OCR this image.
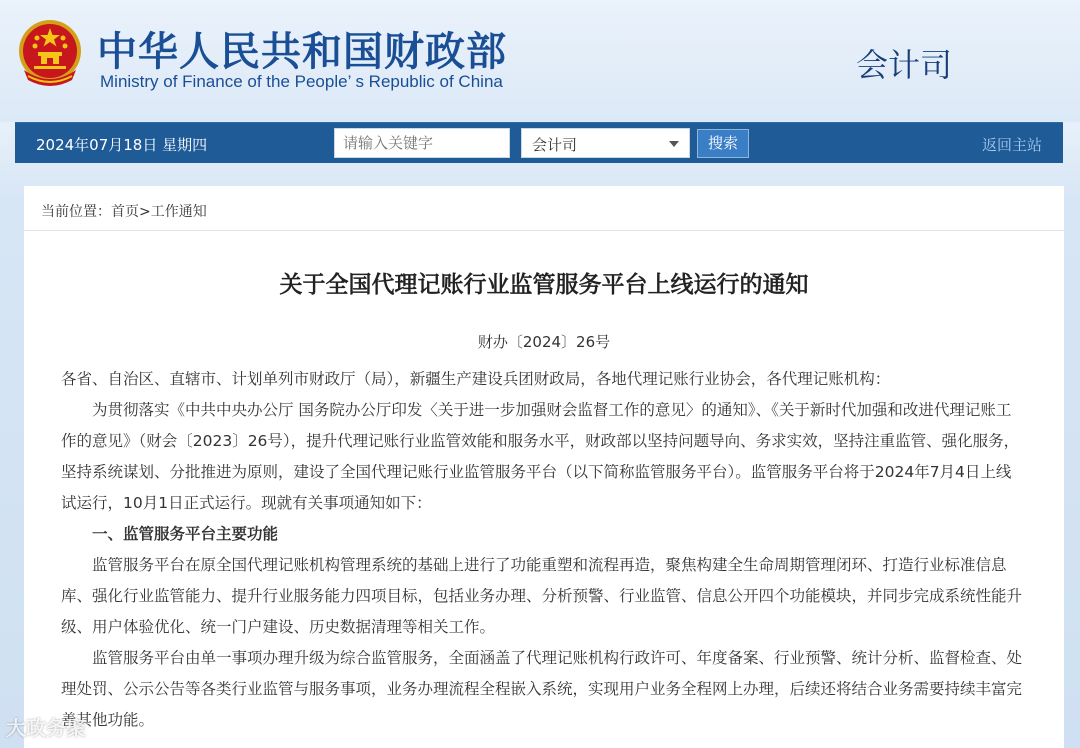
中华人民共和国财政部
Ministry of Finance of the People’ s Republic of China	会计司
2024年07月18日 星期四
请输入关键字	会计司	搜索	返回主站
当前位置：首页>工作通知
关于全国代理记账行业监管服务平台上线运行的通知
财办〔2024〕26号

各省、自治区、直辖市、计划单列市财政厅（局），新疆生产建设兵团财政局，各地代理记账行业协会，各代理记账机构：

为贯彻落实《中共中央办公厅 国务院办公厅印发〈关于进一步加强财会监督工作的意见〉的通知》、《关于新时代加强和改进代理记账工作的意见》（财会〔2023〕26号），提升代理记账行业监管效能和服务水平，财政部以坚持问题导向、务求实效，坚持注重监管、强化服务，坚持系统谋划、分批推进为原则，建设了全国代理记账行业监管服务平台（以下简称监管服务平台）。监管服务平台将于2024年7月4日上线试运行，10月1日正式运行。现就有关事项通知如下：

一、监管服务平台主要功能

监管服务平台在原全国代理记账机构管理系统的基础上进行了功能重塑和流程再造，聚焦构建全生命周期管理闭环、打造行业标准信息库、强化行业监管能力、提升行业服务能力四项目标，包括业务办理、分析预警、行业监管、信息公开四个功能模块，并同步完成系统性能升级、用户体验优化、统一门户建设、历史数据清理等相关工作。

监管服务平台由单一事项办理升级为综合监管服务，全面涵盖了代理记账机构行政许可、年度备案、行业预警、统计分析、监督检查、处理处罚、公示公告等各类行业监管与服务事项，业务办理流程全程嵌入系统，实现用户业务全程网上办理，后续还将结合业务需要持续丰富完善其他功能。

大政务聚
